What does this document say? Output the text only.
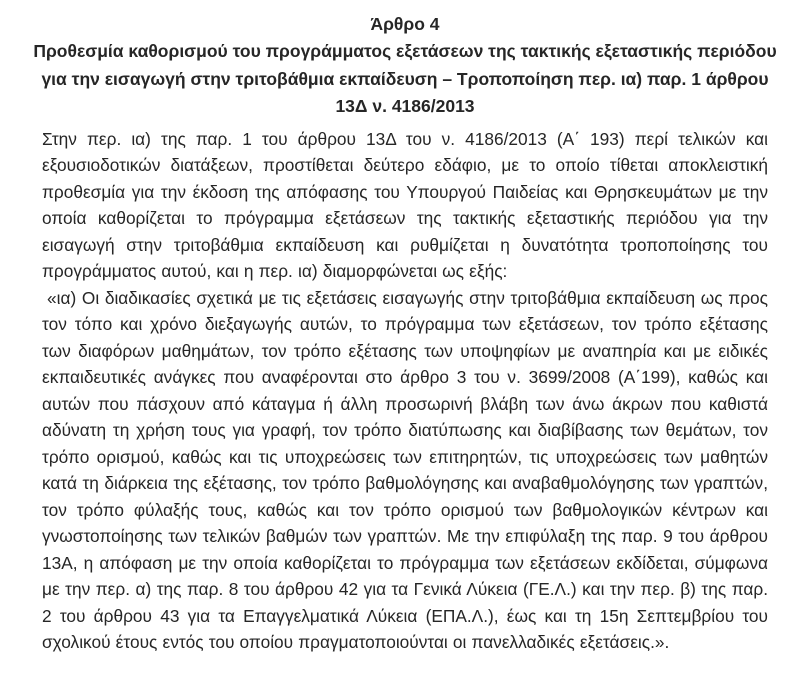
Άρθρο 4
Προθεσμία καθορισμού του προγράμματος εξετάσεων της τακτικής εξεταστικής περιόδου για την εισαγωγή στην τριτοβάθμια εκπαίδευση – Τροποποίηση περ. ια) παρ. 1 άρθρου 13Δ ν. 4186/2013

Στην περ. ια) της παρ. 1 του άρθρου 13Δ του ν. 4186/2013 (Α΄ 193) περί τελικών και εξουσιοδοτικών διατάξεων, προστίθεται δεύτερο εδάφιο, με το οποίο τίθεται αποκλειστική προθεσμία για την έκδοση της απόφασης του Υπουργού Παιδείας και Θρησκευμάτων με την οποία καθορίζεται το πρόγραμμα εξετάσεων της τακτικής εξεταστικής περιόδου για την εισαγωγή στην τριτοβάθμια εκπαίδευση και ρυθμίζεται η δυνατότητα τροποποίησης του προγράμματος αυτού, και η περ. ια) διαμορφώνεται ως εξής:

«ια) Οι διαδικασίες σχετικά με τις εξετάσεις εισαγωγής στην τριτοβάθμια εκπαίδευση ως προς τον τόπο και χρόνο διεξαγωγής αυτών, το πρόγραμμα των εξετάσεων, τον τρόπο εξέτασης των διαφόρων μαθημάτων, τον τρόπο εξέτασης των υποψηφίων με αναπηρία και με ειδικές εκπαιδευτικές ανάγκες που αναφέρονται στο άρθρο 3 του ν. 3699/2008 (Α΄199), καθώς και αυτών που πάσχουν από κάταγμα ή άλλη προσωρινή βλάβη των άνω άκρων που καθιστά αδύνατη τη χρήση τους για γραφή, τον τρόπο διατύπωσης και διαβίβασης των θεμάτων, τον τρόπο ορισμού, καθώς και τις υποχρεώσεις των επιτηρητών, τις υποχρεώσεις των μαθητών κατά τη διάρκεια της εξέτασης, τον τρόπο βαθμολόγησης και αναβαθμολόγησης των γραπτών, τον τρόπο φύλαξής τους, καθώς και τον τρόπο ορισμού των βαθμολογικών κέντρων και γνωστοποίησης των τελικών βαθμών των γραπτών. Με την επιφύλαξη της παρ. 9 του άρθρου 13Α, η απόφαση με την οποία καθορίζεται το πρόγραμμα των εξετάσεων εκδίδεται, σύμφωνα με την περ. α) της παρ. 8 του άρθρου 42 για τα Γενικά Λύκεια (ΓΕ.Λ.) και την περ. β) της παρ. 2 του άρθρου 43 για τα Επαγγελματικά Λύκεια (ΕΠΑ.Λ.), έως και τη 15η Σεπτεμβρίου του σχολικού έτους εντός του οποίου πραγματοποιούνται οι πανελλαδικές εξετάσεις.».
